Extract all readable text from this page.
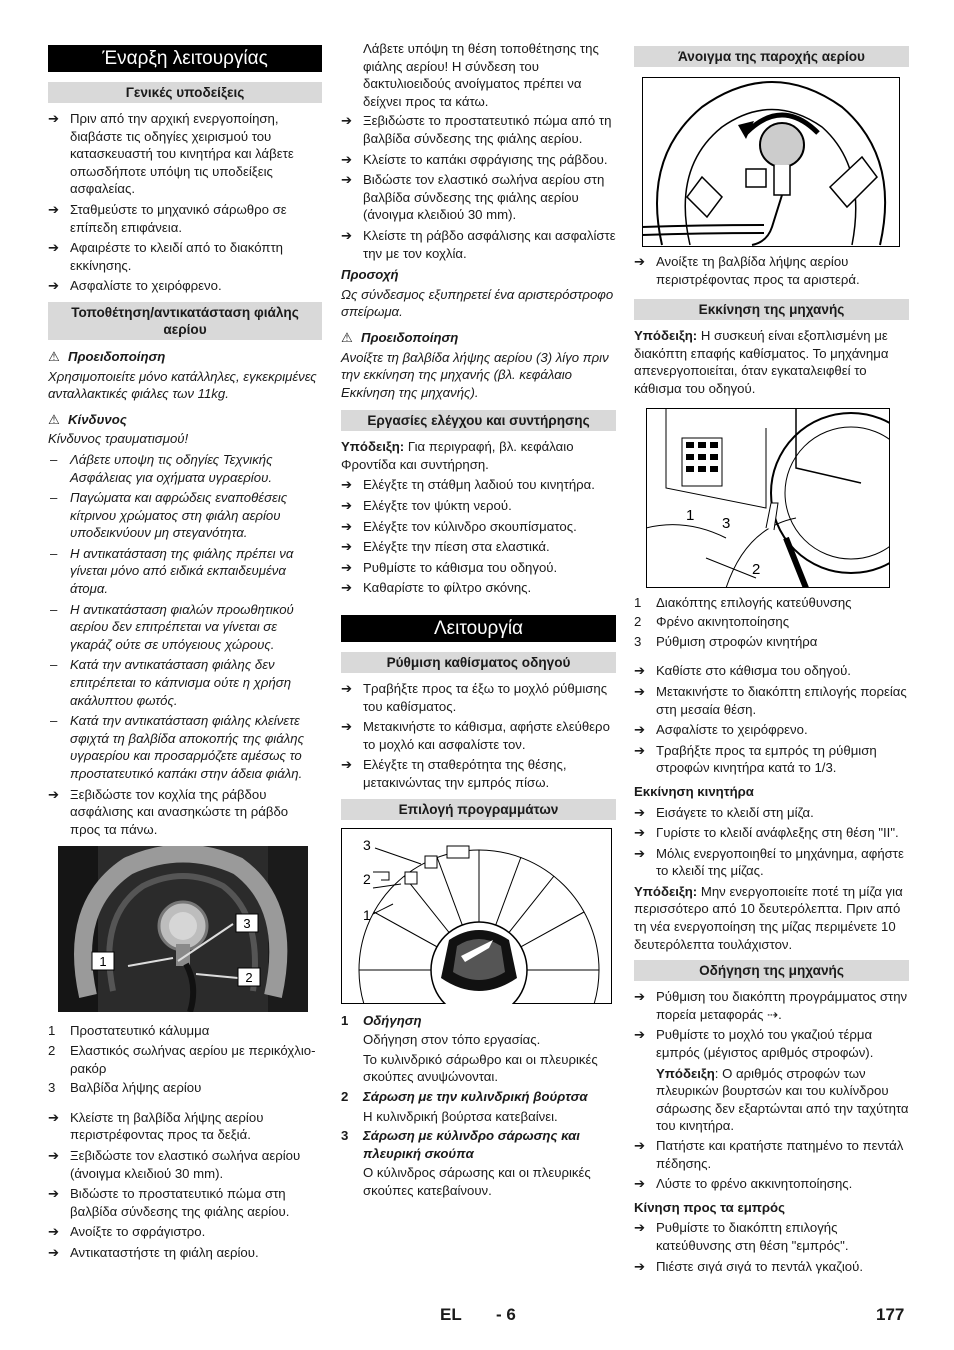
Έναρξη λειτουργίας
Γενικές υποδείξεις
➔ Πριν από την αρχική ενεργοποίηση, διαβάστε τις οδηγίες χειρισμού του κατασκευαστή του κινητήρα και λάβετε οπωσδήποτε υπόψη τις υποδείξεις ασφαλείας.
➔ Σταθμεύστε το μηχανικό σάρωθρο σε επίπεδη επιφάνεια.
➔ Αφαιρέστε το κλειδί από το διακόπτη εκκίνησης.
➔ Ασφαλίστε το χειρόφρενο.
Τοποθέτηση/αντικατάσταση φιάλης αερίου
⚠ Προειδοποίηση
Χρησιμοποιείτε μόνο κατάλληλες, εγκεκριμένες ανταλλακτικές φιάλες των 11kg.
⚠ Κίνδυνος
Κίνδυνος τραυματισμού!
– Λάβετε υποψη τις οδηγίες Τεχνικής Ασφάλειας για οχήματα υγραερίου.
– Παγώματα και αφρώδεις εναποθέσεις κίτρινου χρώματος στη φιάλη αερίου υποδεικνύουν μη στεγανότητα.
– Η αντικατάσταση της φιάλης πρέπει να γίνεται μόνο από ειδικά εκπαιδευμένα άτομα.
– Η αντικατάσταση φιαλών προωθητικού αερίου δεν επιτρέπεται να γίνεται σε γκαράζ ούτε σε υπόγειους χώρους.
– Κατά την αντικατάσταση φιάλης δεν επιτρέπεται το κάπνισμα ούτε η χρήση ακάλυπτου φωτός.
– Κατά την αντικατάσταση φιάλης κλείνετε σφιχτά τη βαλβίδα αποκοπής της φιάλης υγραερίου και προσαρμόζετε αμέσως το προστατευτικό καπάκι στην άδεια φιάλη.
➔ Ξεβιδώστε τον κοχλία της ράβδου ασφάλισης και ανασηκώστε τη ράβδο προς τα πάνω.
3
2
1
1 Προστατευτικό κάλυμμα
2 Ελαστικός σωλήνας αερίου με περικόχλιο-ρακόρ
3 Βαλβίδα λήψης αερίου
➔ Κλείστε τη βαλβίδα λήψης αερίου περιστρέφοντας προς τα δεξιά.
➔ Ξεβιδώστε τον ελαστικό σωλήνα αερίου (άνοιγμα κλειδιού 30 mm).
➔ Βιδώστε το προστατευτικό πώμα στη βαλβίδα σύνδεσης της φιάλης αερίου.
➔ Ανοίξτε το σφράγιστρο.
➔ Αντικαταστήστε τη φιάλη αερίου.
Λάβετε υπόψη τη θέση τοποθέτησης της φιάλης αερίου! Η σύνδεση του δακτυλιοειδούς ανοίγματος πρέπει να δείχνει προς τα κάτω.
➔ Ξεβιδώστε το προστατευτικό πώμα από τη βαλβίδα σύνδεσης της φιάλης αερίου.
➔ Κλείστε το καπάκι σφράγισης της ράβδου.
➔ Βιδώστε τον ελαστικό σωλήνα αερίου στη βαλβίδα σύνδεσης της φιάλης αερίου (άνοιγμα κλειδιού 30 mm).
➔ Κλείστε τη ράβδο ασφάλισης και ασφαλίστε την με τον κοχλία.
Προσοχή
Ως σύνδεσμος εξυπηρετεί ένα αριστερόστροφο σπείρωμα.
⚠ Προειδοποίηση
Ανοίξτε τη βαλβίδα λήψης αερίου (3) λίγο πριν την εκκίνηση της μηχανής (βλ. κεφάλαιο Εκκίνηση της μηχανής).
Εργασίες ελέγχου και συντήρησης
Υπόδειξη: Για περιγραφή, βλ. κεφάλαιο Φροντίδα και συντήρηση.
➔ Ελέγξτε τη στάθμη λαδιού του κινητήρα.
➔ Ελέγξτε τον ψύκτη νερού.
➔ Ελέγξτε τον κύλινδρο σκουπίσματος.
➔ Ελέγξτε την πίεση στα ελαστικά.
➔ Ρυθμίστε το κάθισμα του οδηγού.
➔ Καθαρίστε το φίλτρο σκόνης.
Λειτουργία
Ρύθμιση καθίσματος οδηγού
➔ Τραβήξτε προς τα έξω το μοχλό ρύθμισης του καθίσματος.
➔ Μετακινήστε το κάθισμα, αφήστε ελεύθερο το μοχλό και ασφαλίστε τον.
➔ Ελέγξτε τη σταθερότητα της θέσης, μετακινώντας την εμπρός πίσω.
Επιλογή προγραμμάτων
3
2
1
1 Οδήγηση
Οδήγηση στον τόπο εργασίας.
Το κυλινδρικό σάρωθρο και οι πλευρικές σκούπες ανυψώνονται.
2 Σάρωση με την κυλινδρική βούρτσα
Η κυλινδρική βούρτσα κατεβαίνει.
3 Σάρωση με κύλινδρο σάρωσης και πλευρική σκούπα
Ο κύλινδρος σάρωσης και οι πλευρικές σκούπες κατεβαίνουν.
Άνοιγμα της παροχής αερίου
➔ Ανοίξτε τη βαλβίδα λήψης αερίου περιστρέφοντας προς τα αριστερά.
Εκκίνηση της μηχανής
Υπόδειξη: Η συσκευή είναι εξοπλισμένη με διακόπτη επαφής καθίσματος. Το μηχάνημα απενεργοποιείται, όταν εγκαταλειφθεί το κάθισμα του οδηγού.
1 3
2
1 Διακόπτης επιλογής κατεύθυνσης
2 Φρένο ακινητοποίησης
3 Ρύθμιση στροφών κινητήρα
➔ Καθίστε στο κάθισμα του οδηγού.
➔ Μετακινήστε το διακόπτη επιλογής πορείας στη μεσαία θέση.
➔ Ασφαλίστε το χειρόφρενο.
➔ Τραβήξτε προς τα εμπρός τη ρύθμιση στροφών κινητήρα κατά το 1/3.
Εκκίνηση κινητήρα
➔ Εισάγετε το κλειδί στη μίζα.
➔ Γυρίστε το κλειδί ανάφλεξης στη θέση "II".
➔ Μόλις ενεργοποιηθεί το μηχάνημα, αφήστε το κλειδί της μίζας.
Υπόδειξη: Μην ενεργοποιείτε ποτέ τη μίζα για περισσότερο από 10 δευτερόλεπτα. Πριν από τη νέα ενεργοποίηση της μίζας περιμένετε 10 δευτερόλεπτα τουλάχιστον.
Οδήγηση της μηχανής
➔ Ρύθμιση του διακόπτη προγράμματος στην πορεία μεταφοράς ⇢.
➔ Ρυθμίστε το μοχλό του γκαζιού τέρμα εμπρός (μέγιστος αριθμός στροφών).
Υπόδειξη: Ο αριθμός στροφών των πλευρικών βουρτσών και του κυλίνδρου σάρωσης δεν εξαρτώνται από την ταχύτητα του κινητήρα.
➔ Πατήστε και κρατήστε πατημένο το πεντάλ πέδησης.
➔ Λύστε το φρένο ακκινητοποίησης.
Κίνηση προς τα εμπρός
➔ Ρυθμίστε το διακόπτη επιλογής κατεύθυνσης στη θέση "εμπρός".
➔ Πιέστε σιγά σιγά το πεντάλ γκαζιού.
EL - 6	177
